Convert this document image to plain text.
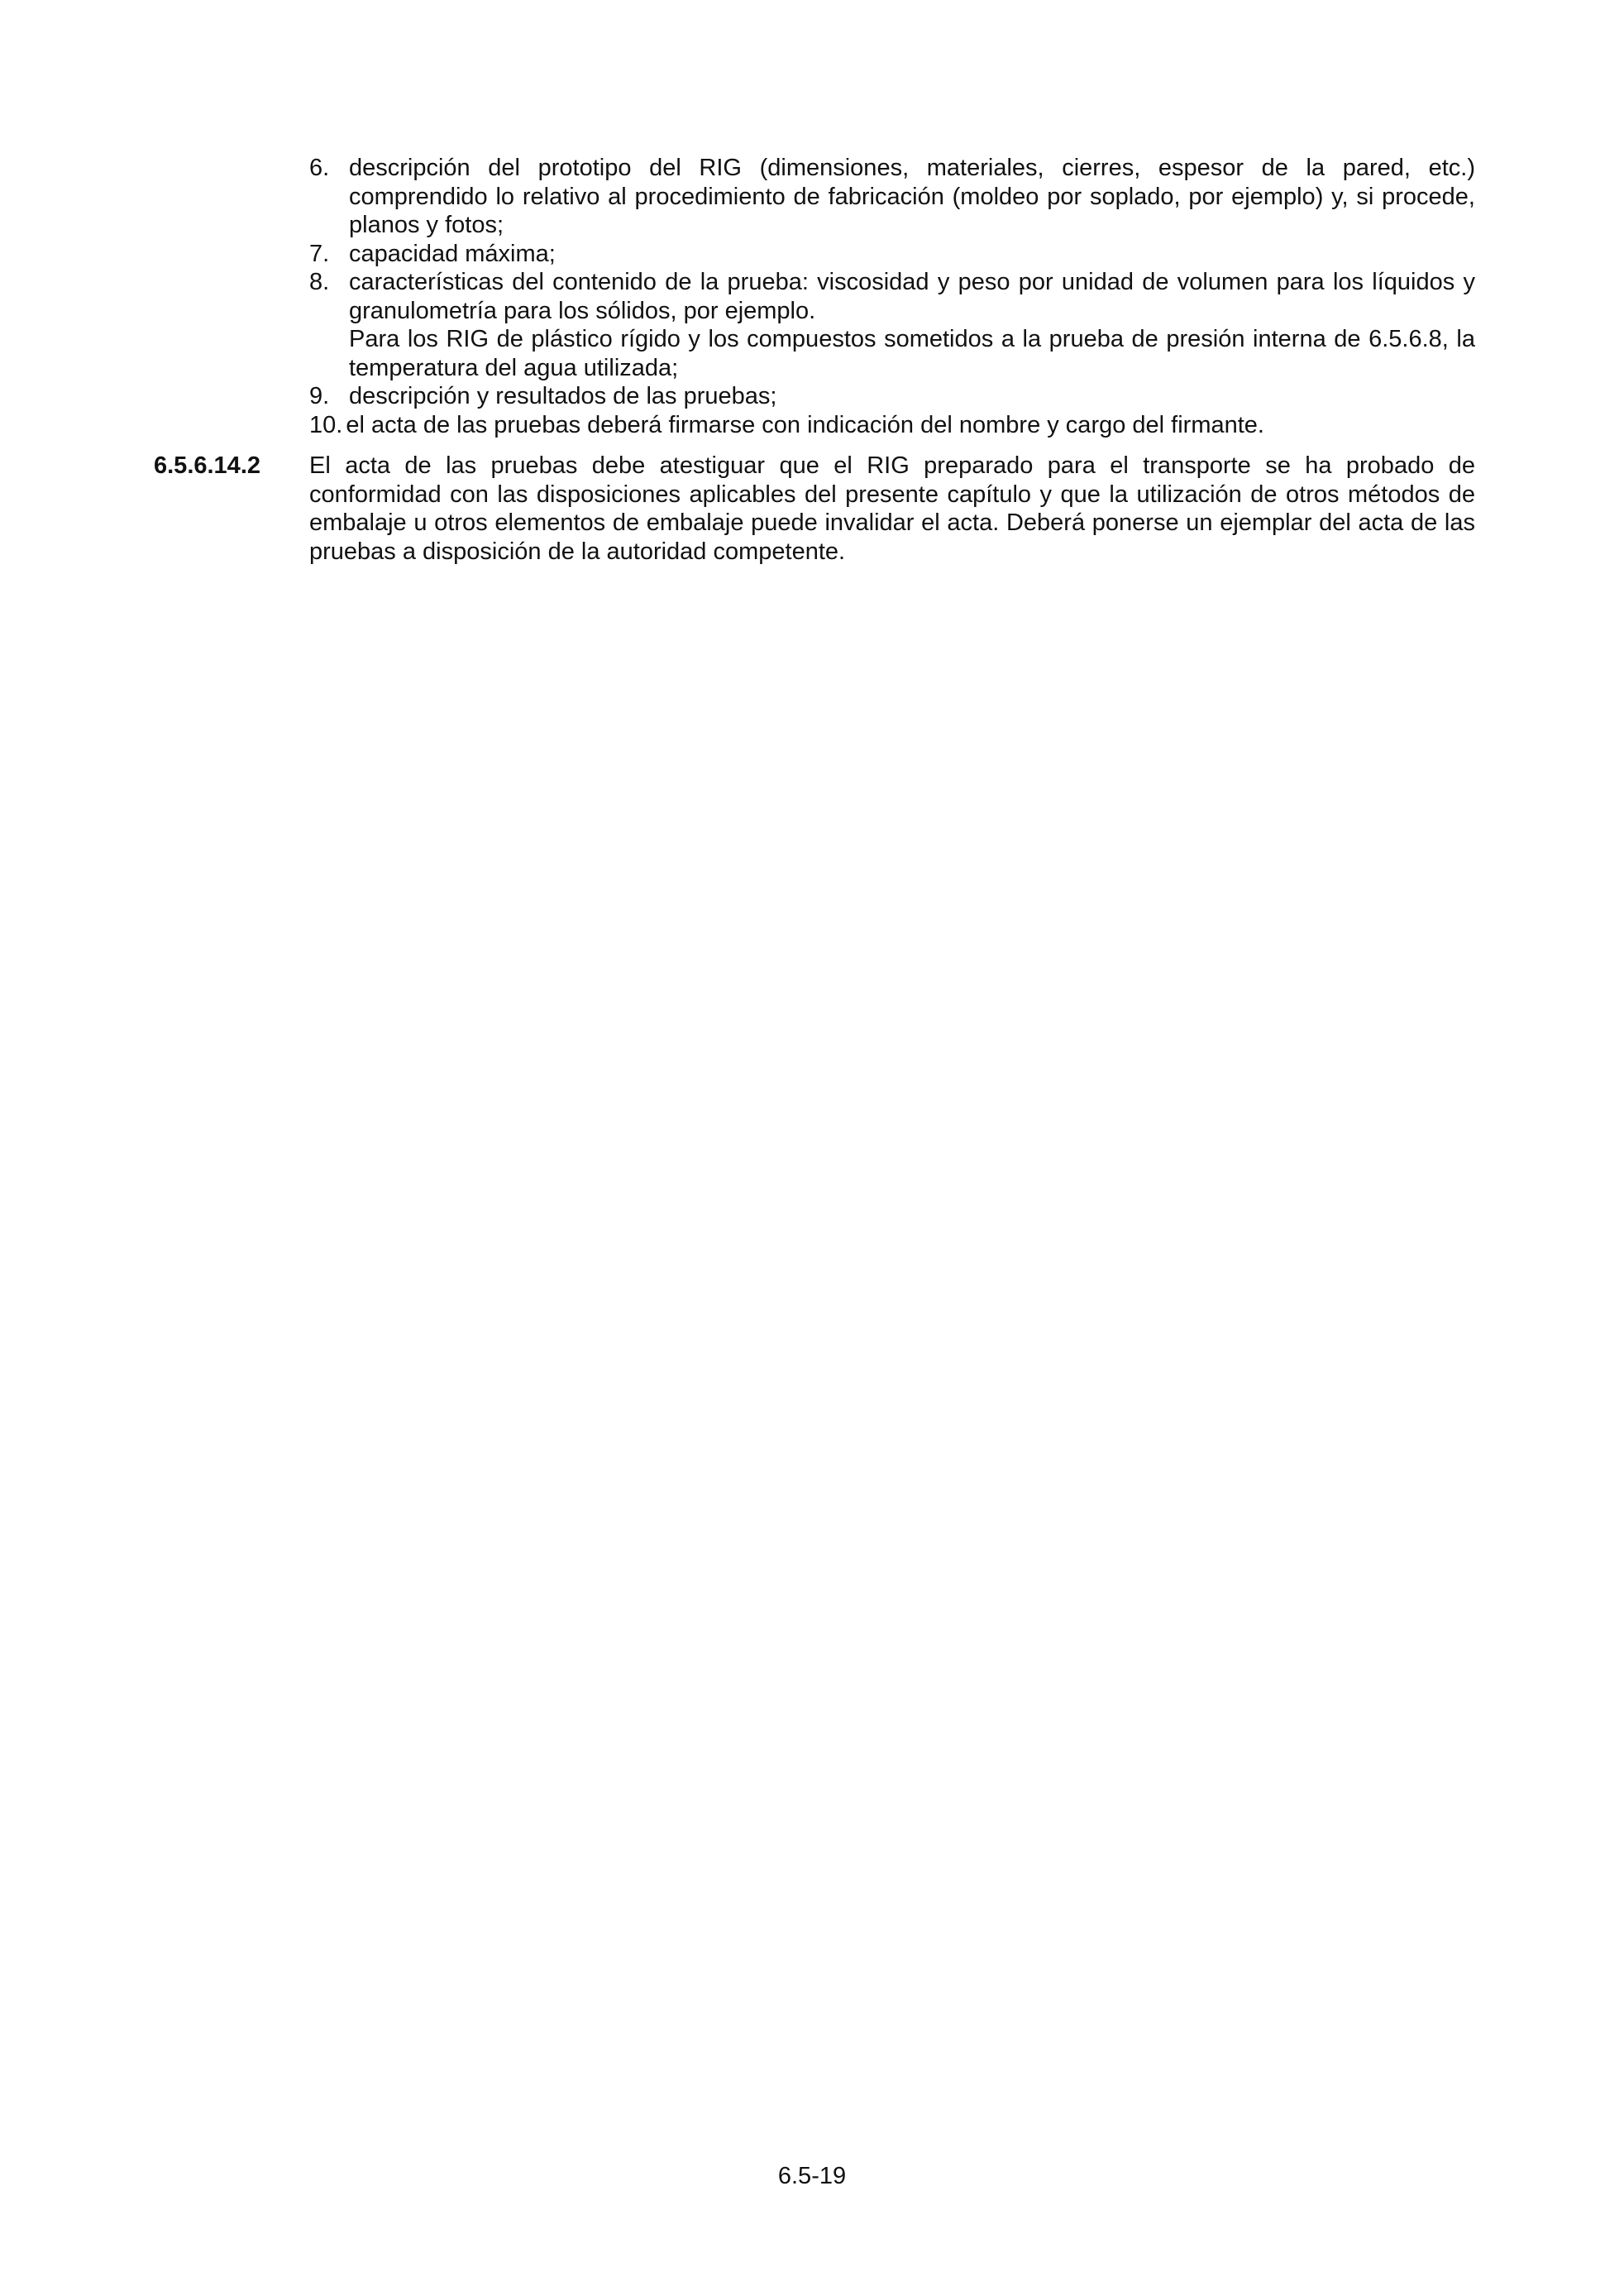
6. descripción del prototipo del RIG (dimensiones, materiales, cierres, espesor de la pared, etc.) comprendido lo relativo al procedimiento de fabricación (moldeo por soplado, por ejemplo) y, si procede, planos y fotos;
7. capacidad máxima;
8. características del contenido de la prueba: viscosidad y peso por unidad de volumen para los líquidos y granulometría para los sólidos, por ejemplo.
Para los RIG de plástico rígido y los compuestos sometidos a la prueba de presión interna de 6.5.6.8, la temperatura del agua utilizada;
9. descripción y resultados de las pruebas;
10. el acta de las pruebas deberá firmarse con indicación del nombre y cargo del firmante.
6.5.6.14.2 El acta de las pruebas debe atestiguar que el RIG preparado para el transporte se ha probado de conformidad con las disposiciones aplicables del presente capítulo y que la utilización de otros métodos de embalaje u otros elementos de embalaje puede invalidar el acta. Deberá ponerse un ejemplar del acta de las pruebas a disposición de la autoridad competente.
6.5-19
